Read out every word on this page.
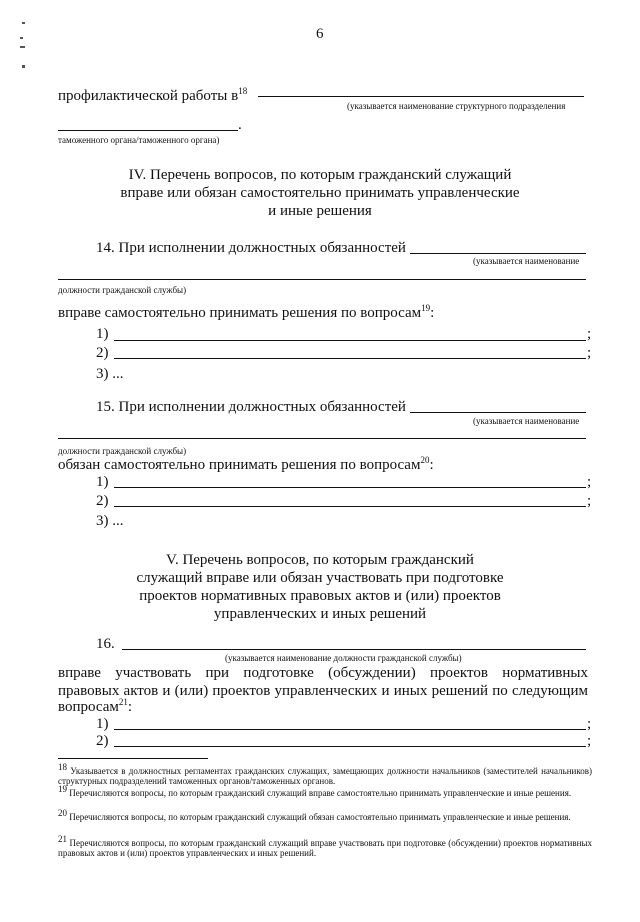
6
профилактической работы $в^{18}$
(указывается наименование структурного подразделения
.
таможенного органа/таможенного органа)
IV. Перечень вопросов, по которым гражданский служащий
вправе или обязан самостоятельно принимать управленческие
и иные решения
14. При исполнении должностных обязанностей
(указывается наименование
должности гражданской службы)
вправе самостоятельно принимать решения по вопросам$^{19}$:
1)	;
2)	;
3) ...
15. При исполнении должностных обязанностей
(указывается наименование
должности гражданской службы)
обязан самостоятельно принимать решения по вопросам$^{20}$:
1)	;
2)	;
3) ...
V. Перечень вопросов, по которым гражданский
служащий вправе или обязан участвовать при подготовке
проектов нормативных правовых актов и (или) проектов
управленческих и иных решений
16.
(указывается наименование должности гражданской службы)
вправе участвовать при подготовке (обсуждении) проектов нормативных
правовых актов и (или) проектов управленческих и иных решений по следующим
вопросам$^{21}$:
1)	;
2)	;
$^{18}$ Указывается в должностных регламентах гражданских служащих, замещающих должности начальников (заместителей начальников) структурных подразделений таможенных органов/таможенных органов.
$^{19}$ Перечисляются вопросы, по которым гражданский служащий вправе самостоятельно принимать управленческие и иные решения.
$^{20}$ Перечисляются вопросы, по которым гражданский служащий обязан самостоятельно принимать управленческие и иные решения.
$^{21}$ Перечисляются вопросы, по которым гражданский служащий вправе участвовать при подготовке (обсуждении) проектов нормативных правовых актов и (или) проектов управленческих и иных решений.
